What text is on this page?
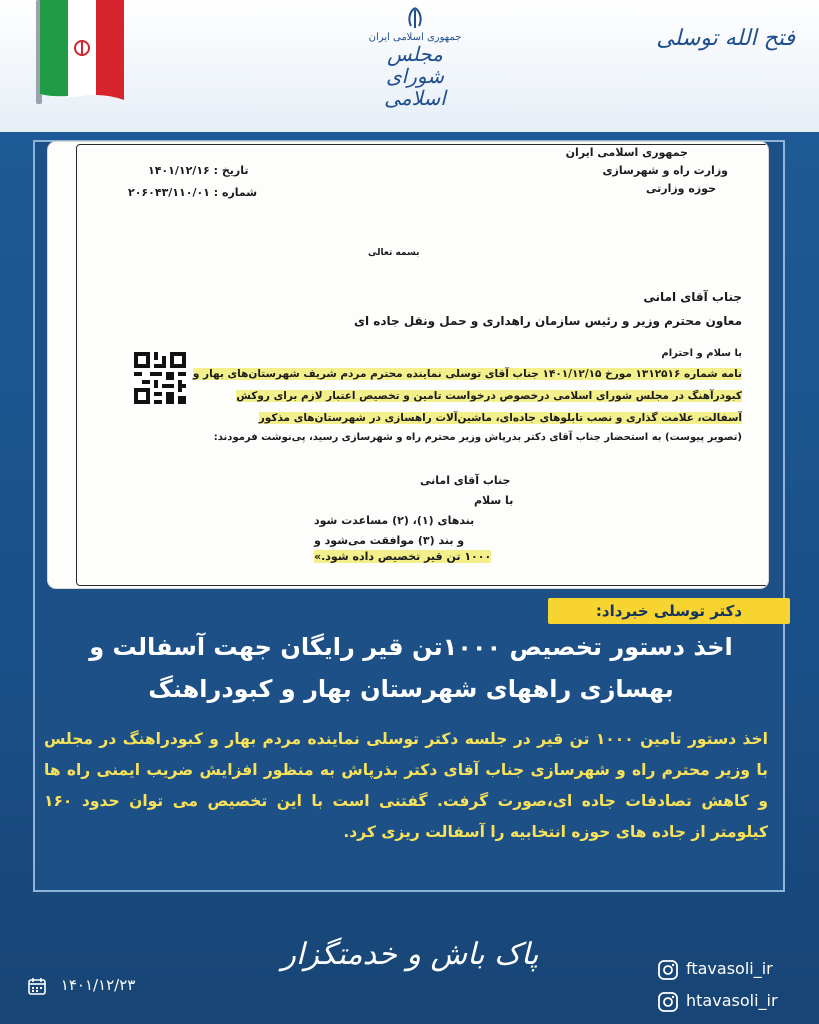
جمهوری اسلامی ایران
مجلس شورای اسلامی
فتح الله توسلی
جمهوری اسلامی ایران
وزارت راه و شهرسازی
حوزه وزارتی
تاریخ : ۱۴۰۱/۱۲/۱۶
شماره : ۲۰۶۰۴۳/۱۱۰/۰۱
بسمه تعالی
جناب آقای امانی
معاون محترم وزیر و رئیس سازمان راهداری و حمل ونقل جاده ای
با سلام و احترام
نامه شماره ۱۳۱۲۵۱۶ مورخ ۱۴۰۱/۱۲/۱۵ جناب آقای توسلی نماینده محترم مردم شریف شهرستان‌های بهار و
کبودرآهنگ در مجلس شورای اسلامی درخصوص درخواست تامین و تخصیص اعتبار لازم برای روکش
آسفالت، علامت گذاری و نصب تابلوهای جاده‌ای، ماشین‌آلات راهسازی در شهرستان‌های مذکور
(تصویر پیوست) به استحضار جناب آقای دکتر بذرپاش وزیر محترم راه و شهرسازی رسید، پی‌نوشت فرمودند:
جناب آقای امانی
با سلام
بندهای (۱)، (۲) مساعدت شود
و بند (۳) موافقت می‌شود و
۱۰۰۰ تن قیر تخصیص داده شود.»
دکتر توسلی خبرداد:
اخذ دستور تخصیص ۱۰۰۰تن قیر رایگان جهت آسفالت و
بهسازی راههای شهرستان بهار و کبودراهنگ
اخذ دستور تامین ۱۰۰۰ تن قیر در جلسه دکتر توسلی نماینده مردم بهار و کبودراهنگ در مجلس با وزیر محترم راه و شهرسازی جناب آقای دکتر بذرپاش به منظور افزایش ضریب ایمنی راه ها و کاهش تصادفات جاده ای،صورت گرفت. گفتنی است با این تخصیص می توان حدود ۱۶۰ کیلومتر از جاده های حوزه انتخابیه را آسفالت ریزی کرد.
پاک باش و خدمتگزار
۱۴۰۱/۱۲/۲۳
ftavasoli_ir
htavasoli_ir
